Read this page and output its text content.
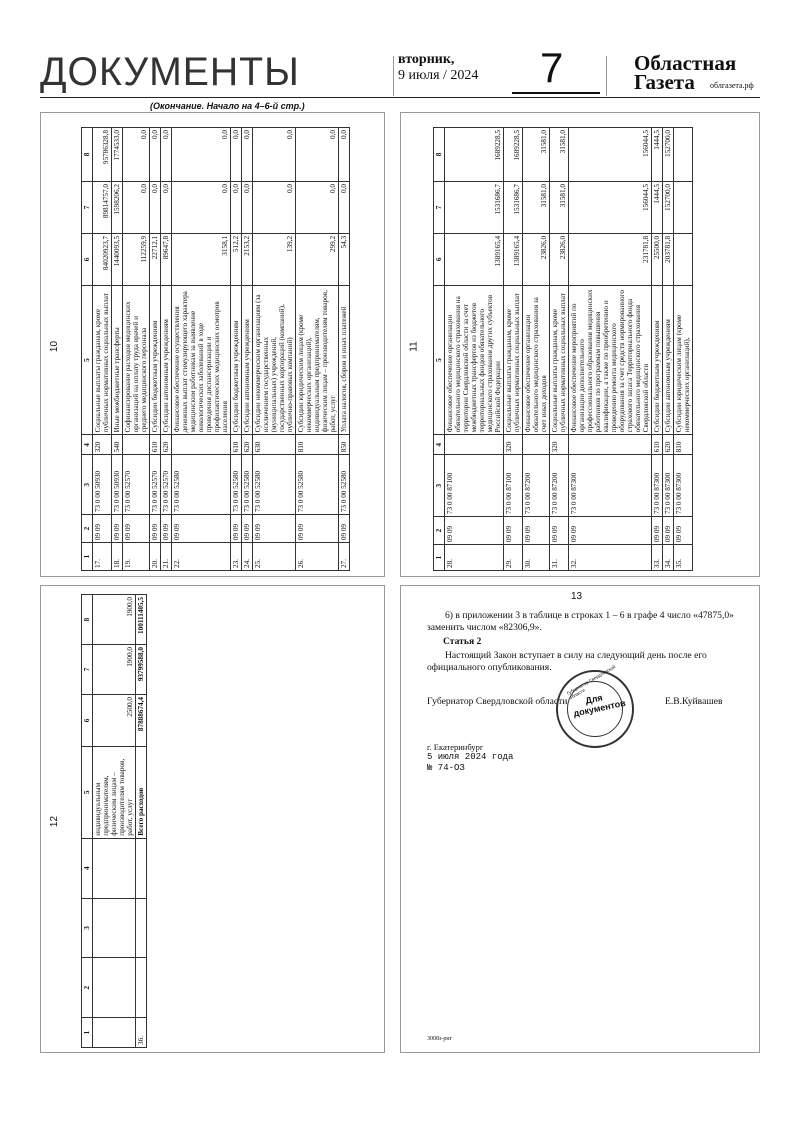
ДОКУМЕНТЫ	вторник,
9 июля / 2024 7	Областная
Газета	облгазета.рф
(Окончание. Начало на 4–6-й стр.)
10
1	2	3	4	5	6	7	8
17.	09 09	73 0 00 50930	320	Социальные выплаты гражданам, кроме публичных нормативных социальных выплат	84020923,7	89814757,0	95786328,8
18.	09 09	73 0 00 50930	540	Иные межбюджетные трансферты	1440093,5	1598206,2	1774533,0
19.	09 09	73 0 00 52570		Софинансирование расходов медицинских организаций на оплату труда врачей и среднего медицинского персонала	112259,9	0,0	0,0
20.	09 09	73 0 00 52570	610	Субсидии бюджетным учреждениям	22712,1	0,0	0,0
21.	09 09	73 0 00 52570	620	Субсидии автономным учреждениям	89647,8	0,0	0,0
22.	09 09	73 0 00 52580		Финансовое обеспечение осуществления денежных выплат стимулирующего характера медицинским работникам за выявление онкологических заболеваний в ходе проведения диспансеризации и профилактических медицинских осмотров населения	3158,1	0,0	0,0
23.	09 09	73 0 00 52580	610	Субсидии бюджетным учреждениям	512,2	0,0	0,0
24.	09 09	73 0 00 52580	620	Субсидии автономным учреждениям	2153,2	0,0	0,0
25.	09 09	73 0 00 52580	630	Субсидии некоммерческим организациям (за исключением государственных (муниципальных) учреждений, государственных корпораций (компаний), публично-правовых компаний)	139,2	0,0	0,0
26.	09 09	73 0 00 52580	810	Субсидии юридическим лицам (кроме некоммерческих организаций), индивидуальным предпринимателям, физическим лицам – производителям товаров, работ, услуг	299,2	0,0	0,0
27.	09 09	73 0 00 52580	850	Уплата налогов, сборов и иных платежей	54,3	0,0	0,0
11
1	2	3	4	5	6	7	8
28.	09 09	73 0 00 87100		Финансовое обеспечение организации обязательного медицинского страхования на территории Свердловской области за счет межбюджетных трансфертов из бюджетов территориальных фондов обязательного медицинского страхования других субъектов Российской Федерации	1389165,4	1531686,7	1689228,5
29.	09 09	73 0 00 87100	320	Социальные выплаты гражданам, кроме публичных нормативных социальных выплат	1389165,4	1531686,7	1689228,5
30.	09 09	73 0 00 87200		Финансовое обеспечение организации обязательного медицинского страхования за счет иных доходов	23826,0	31581,0	31581,0
31.	09 09	73 0 00 87200	320	Социальные выплаты гражданам, кроме публичных нормативных социальных выплат	23826,0	31581,0	31581,0
32.	09 09	73 0 00 87300		Финансовое обеспечение мероприятий по организации дополнительного профессионального образования медицинских работников по программам повышения квалификации, а также по приобретению и проведению ремонта медицинского оборудования за счет средств нормированного страхового запаса Территориального фонда обязательного медицинского страхования Свердловской области	231781,8	156044,5	156044,5
33.	09 09	73 0 00 87300	610	Субсидии бюджетным учреждениям	25500,0	1444,5	1444,5
34.	09 09	73 0 00 87300	620	Субсидии автономным учреждениям	203781,8	152700,0	152700,0
35.	09 09	73 0 00 87300	810	Субсидии юридическим лицам (кроме некоммерческих организаций),			
12
1	2	3	4	5	6	7	8
				индивидуальным предпринимателям, физическим лицам – производителям товаров, работ, услуг	2500,0	1900,0	1900,0
36.				Всего расходов	87888674,4	93799588,0	100111405,5
13
6) в приложении 3 в таблице в строках 1 – 6 в графе 4 число «47875,0» заменить числом «82306,9».
Статья 2
Настоящий Закон вступает в силу на следующий день после его официального опубликования.
Губернатор Свердловской области	Е.В.Куйвашев
Губернатор Свердловской области
Для документов
г. Екатеринбург
5 июля 2024 года
№ 74-ОЗ
3008з-рнг
